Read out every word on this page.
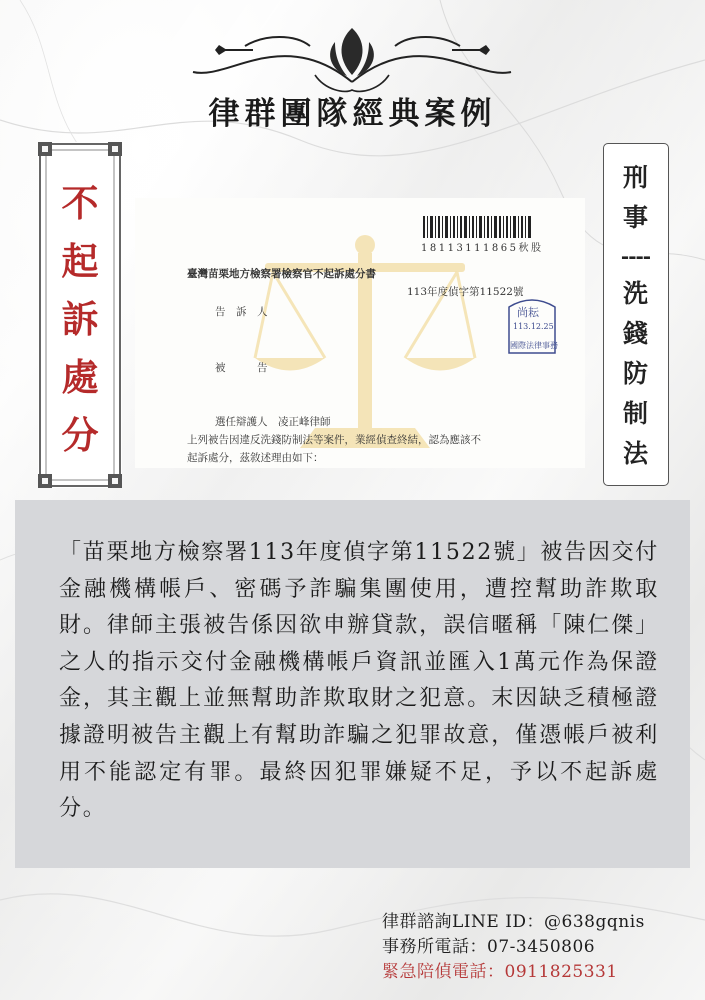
律群團隊經典案例
不
起
訴
處
分
刑
事
----
洗
錢
防
制
法
18113111865秋股
臺灣苗栗地方檢察署檢察官不起訴處分書
113年度偵字第11522號
告　訴　人
被　　　告
選任辯護人　凌正峰律師
上列被告因違反洗錢防制法等案件，業經偵查終結，認為應該不
起訴處分，茲敘述理由如下：
尚耘
113.12.25
國際法律事務
「苗栗地方檢察署113年度偵字第11522號」被告因交付金融機構帳戶、密碼予詐騙集團使用，遭控幫助詐欺取財。律師主張被告係因欲申辦貸款，誤信暱稱「陳仁傑」之人的指示交付金融機構帳戶資訊並匯入1萬元作為保證金，其主觀上並無幫助詐欺取財之犯意。末因缺乏積極證據證明被告主觀上有幫助詐騙之犯罪故意，僅憑帳戶被利用不能認定有罪。最終因犯罪嫌疑不足，予以不起訴處分。
律群諮詢LINE ID：@638gqnis
事務所電話：07-3450806
緊急陪偵電話：0911825331
